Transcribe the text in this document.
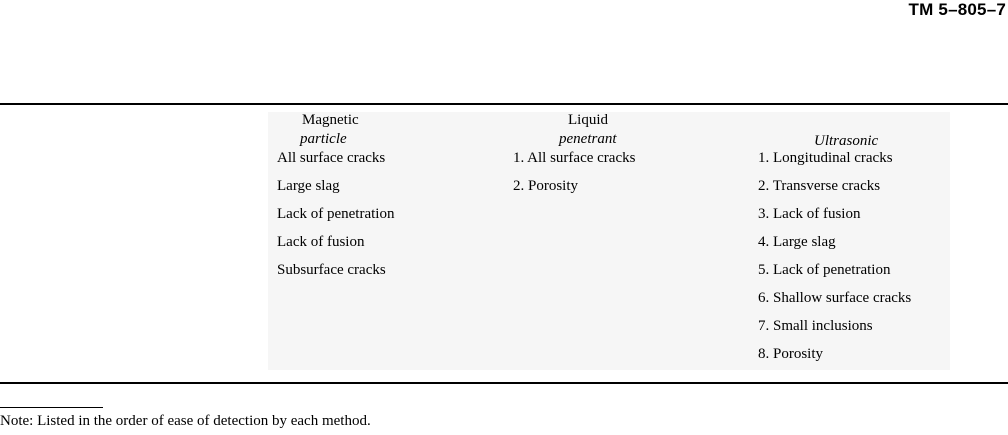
TM 5–805–7
Magnetic
particle
All surface cracks
Large slag
Lack of penetration
Lack of fusion
Subsurface cracks
Liquid
penetrant
1. All surface cracks
2. Porosity
Ultrasonic
1. Longitudinal cracks
2. Transverse cracks
3. Lack of fusion
4. Large slag
5. Lack of penetration
6. Shallow surface cracks
7. Small inclusions
8. Porosity
Note: Listed in the order of ease of detection by each method.
